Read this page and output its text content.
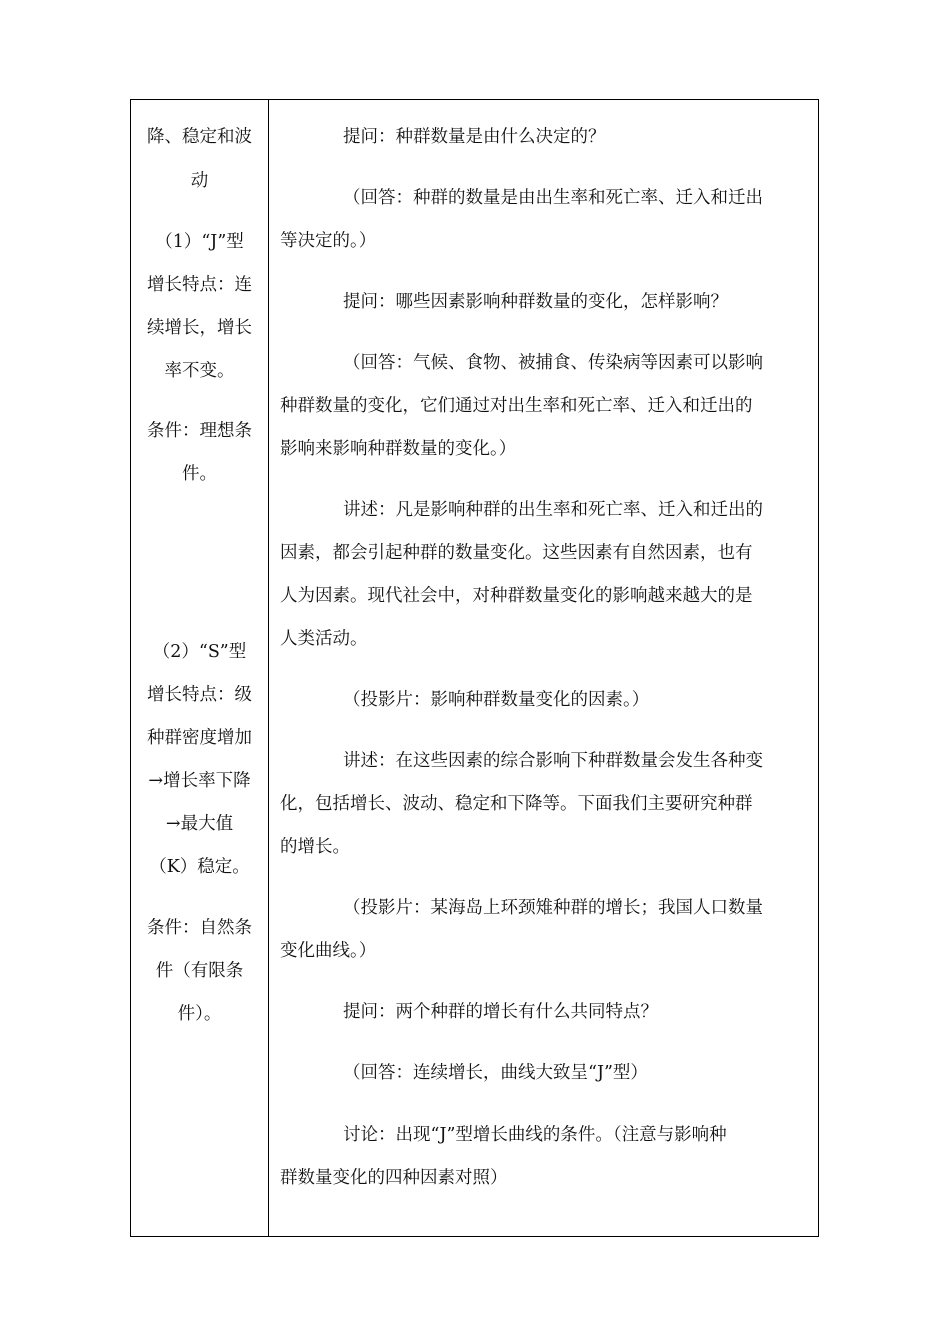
降、稳定和波
动
（1）“J”型
增长特点：连
续增长，增长
率不变。
条件：理想条
件。
（2）“S”型
增长特点：级
种群密度增加
→增长率下降
→最大值
（K）稳定。
条件：自然条
件（有限条
件）。
提问：种群数量是由什么决定的？
（回答：种群的数量是由出生率和死亡率、迁入和迁出
等决定的。）
提问：哪些因素影响种群数量的变化，怎样影响？
（回答：气候、食物、被捕食、传染病等因素可以影响
种群数量的变化，它们通过对出生率和死亡率、迁入和迁出的
影响来影响种群数量的变化。）
讲述：凡是影响种群的出生率和死亡率、迁入和迁出的
因素，都会引起种群的数量变化。这些因素有自然因素，也有
人为因素。现代社会中，对种群数量变化的影响越来越大的是
人类活动。
（投影片：影响种群数量变化的因素。）
讲述：在这些因素的综合影响下种群数量会发生各种变
化，包括增长、波动、稳定和下降等。下面我们主要研究种群
的增长。
（投影片：某海岛上环颈雉种群的增长；我国人口数量
变化曲线。）
提问：两个种群的增长有什么共同特点？
（回答：连续增长，曲线大致呈“J”型）
讨论：出现“J”型增长曲线的条件。（注意与影响种
群数量变化的四种因素对照）
